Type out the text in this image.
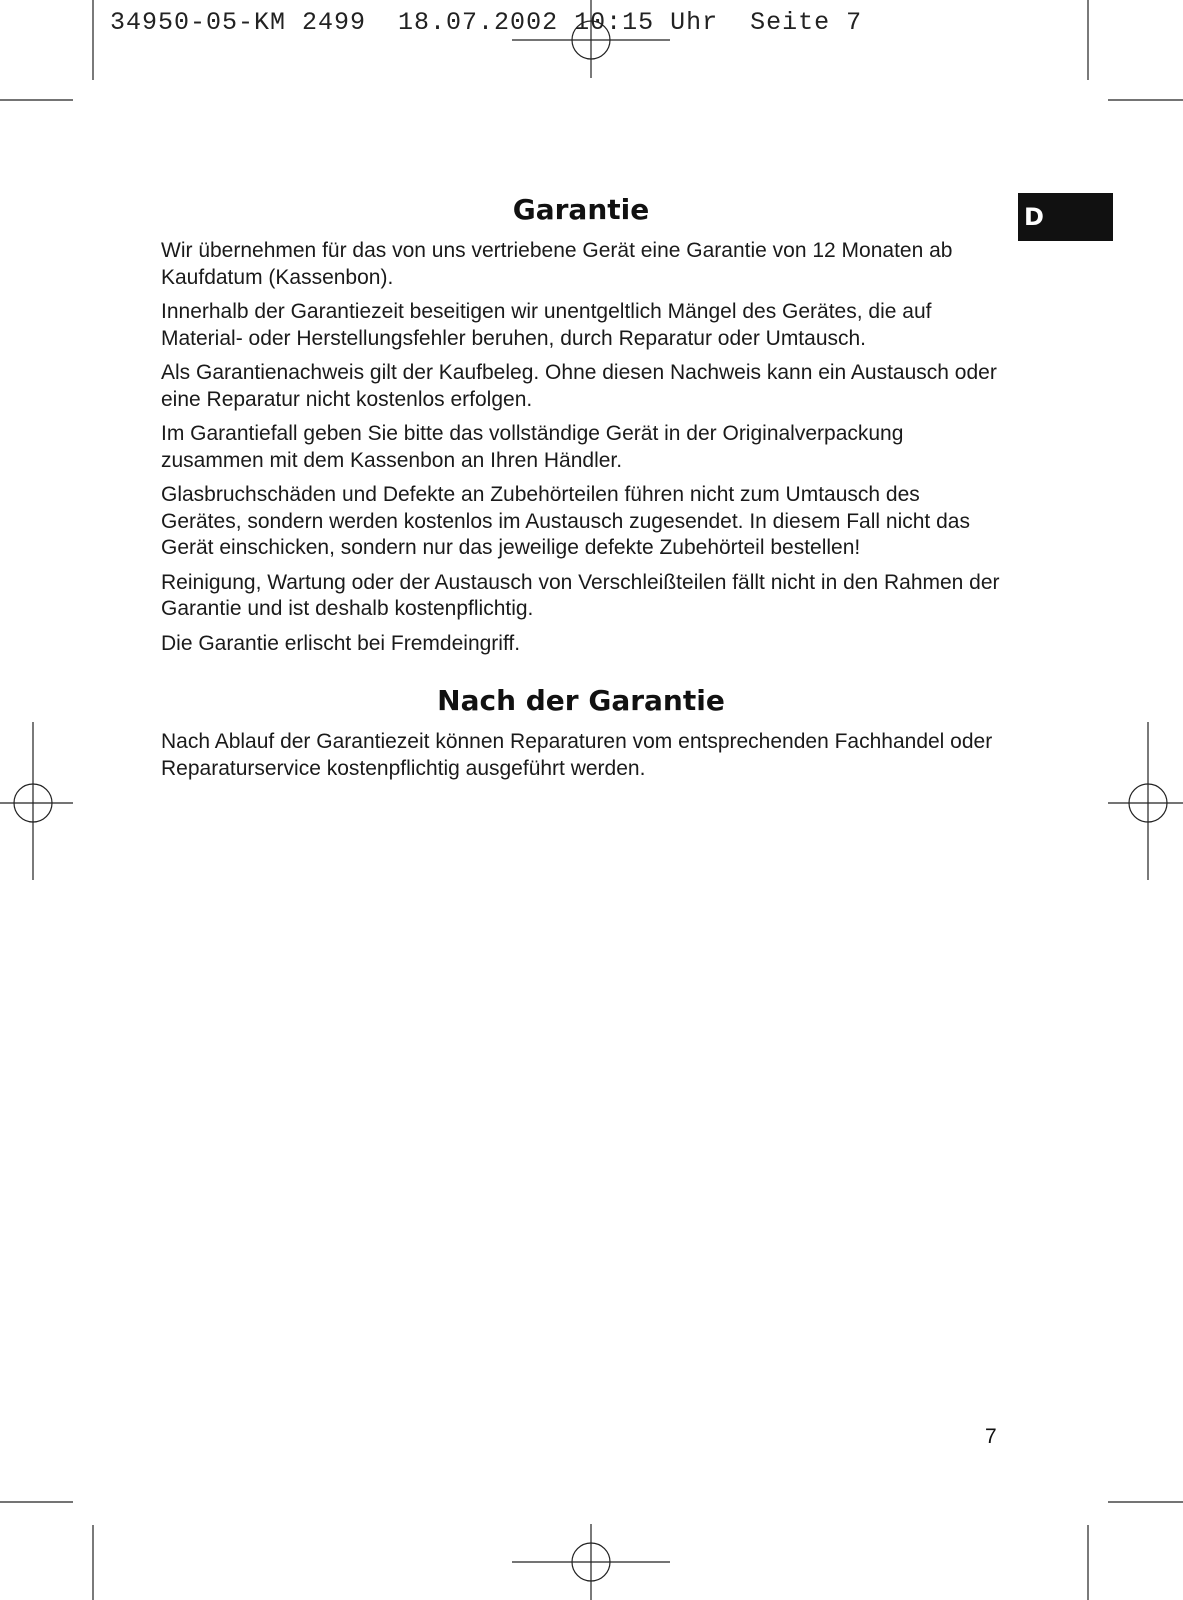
34950-05-KM 2499  18.07.2002 10:15 Uhr  Seite 7
D
Garantie

Wir übernehmen für das von uns vertriebene Gerät eine Garantie von 12 Monaten ab Kaufdatum (Kassenbon).

Innerhalb der Garantiezeit beseitigen wir unentgeltlich Mängel des Gerätes, die auf Material- oder Herstellungsfehler beruhen, durch Reparatur oder Umtausch.

Als Garantienachweis gilt der Kaufbeleg. Ohne diesen Nachweis kann ein Austausch oder eine Reparatur nicht kostenlos erfolgen.

Im Garantiefall geben Sie bitte das vollständige Gerät in der Originalverpackung zusammen mit dem Kassenbon an Ihren Händler.

Glasbruchschäden und Defekte an Zubehörteilen führen nicht zum Umtausch des Gerätes, sondern werden kostenlos im Austausch zugesendet. In diesem Fall nicht das Gerät einschicken, sondern nur das jeweilige defekte Zubehörteil bestellen!

Reinigung, Wartung oder der Austausch von Verschleißteilen fällt nicht in den Rahmen der Garantie und ist deshalb kostenpflichtig.

Die Garantie erlischt bei Fremdeingriff.

Nach der Garantie

Nach Ablauf der Garantiezeit können Reparaturen vom entsprechenden Fachhandel oder Reparaturservice kostenpflichtig ausgeführt werden.

7
